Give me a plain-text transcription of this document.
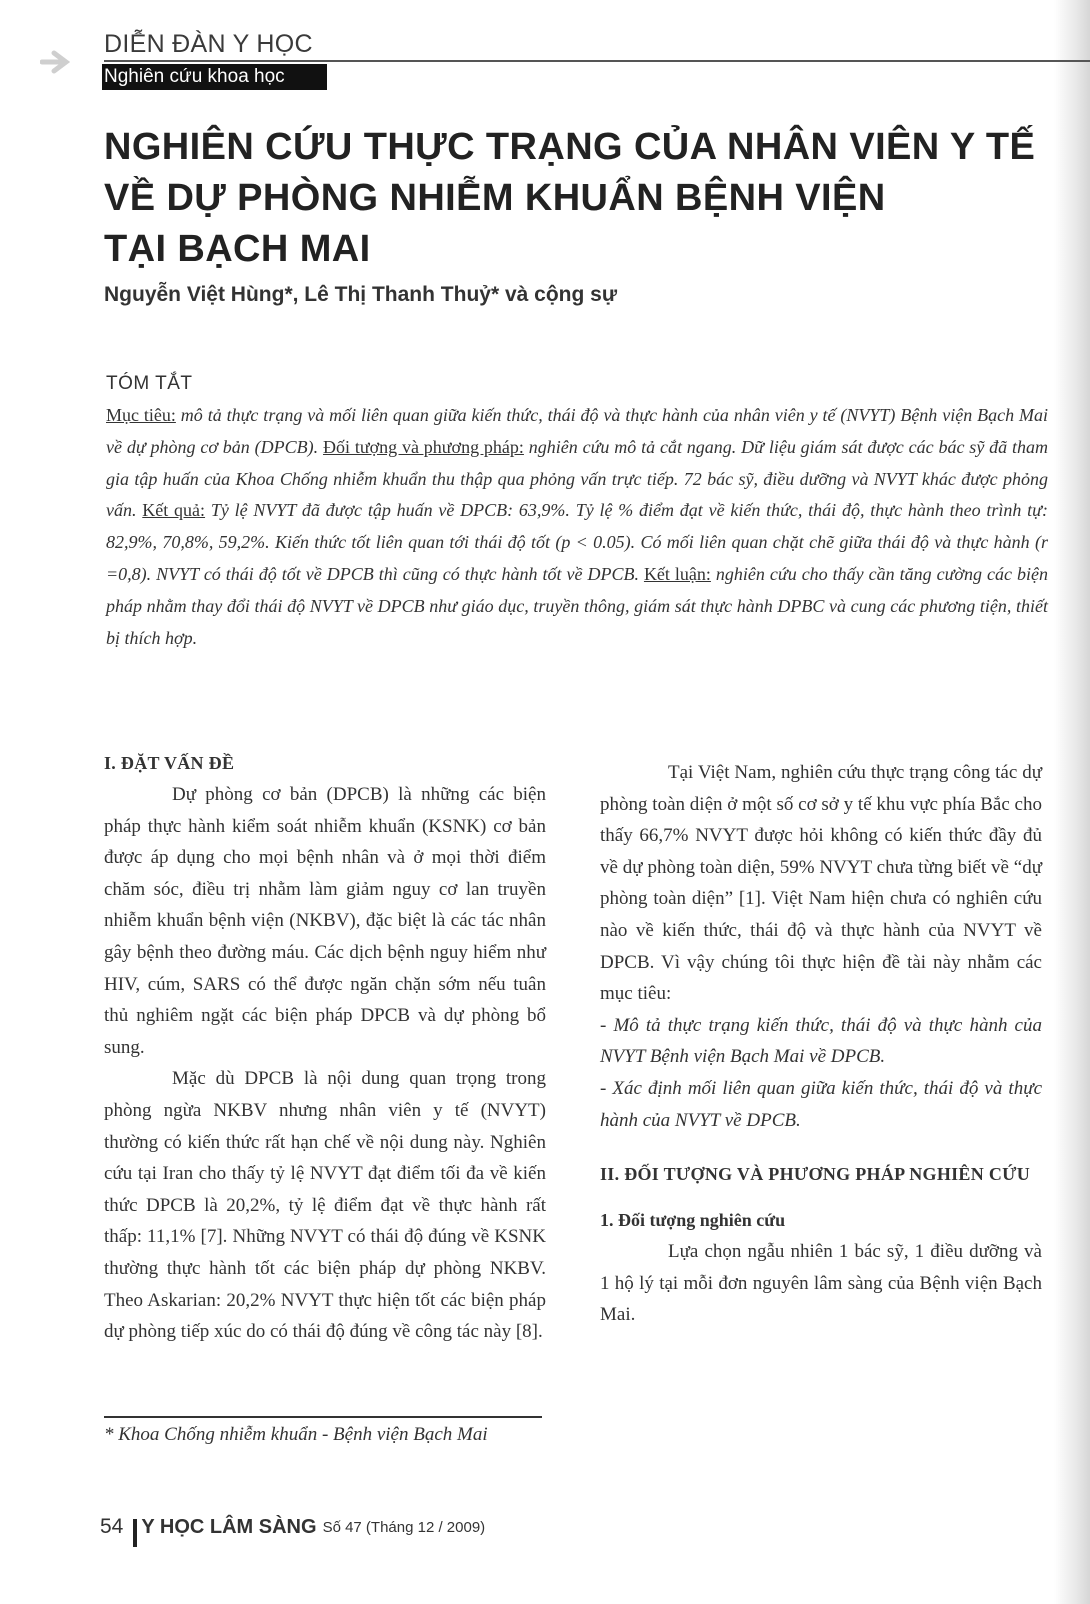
DIỄN ĐÀN Y HỌC
Nghiên cứu khoa học
NGHIÊN CỨU THỰC TRẠNG CỦA NHÂN VIÊN Y TẾ
VỀ DỰ PHÒNG NHIỄM KHUẨN BỆNH VIỆN
TẠI BẠCH MAI
Nguyễn Việt Hùng*, Lê Thị Thanh Thuỷ* và cộng sự
TÓM TẮT

Mục tiêu: mô tả thực trạng và mối liên quan giữa kiến thức, thái độ và thực hành của nhân viên y tế (NVYT) Bệnh viện Bạch Mai về dự phòng cơ bản (DPCB). Đối tượng và phương pháp: nghiên cứu mô tả cắt ngang. Dữ liệu giám sát được các bác sỹ đã tham gia tập huấn của Khoa Chống nhiễm khuẩn thu thập qua phỏng vấn trực tiếp. 72 bác sỹ, điều dưỡng và NVYT khác được phỏng vấn. Kết quả: Tỷ lệ NVYT đã được tập huấn về DPCB: 63,9%. Tỷ lệ % điểm đạt về kiến thức, thái độ, thực hành theo trình tự: 82,9%, 70,8%, 59,2%. Kiến thức tốt liên quan tới thái độ tốt (p < 0.05). Có mối liên quan chặt chẽ giữa thái độ và thực hành (r =0,8). NVYT có thái độ tốt về DPCB thì cũng có thực hành tốt về DPCB. Kết luận: nghiên cứu cho thấy cần tăng cường các biện pháp nhằm thay đổi thái độ NVYT về DPCB như giáo dục, truyền thông, giám sát thực hành DPBC và cung các phương tiện, thiết bị thích hợp.

I. ĐẶT VẤN ĐỀ

Dự phòng cơ bản (DPCB) là những các biện pháp thực hành kiểm soát nhiễm khuẩn (KSNK) cơ bản được áp dụng cho mọi bệnh nhân và ở mọi thời điểm chăm sóc, điều trị nhằm làm giảm nguy cơ lan truyền nhiễm khuẩn bệnh viện (NKBV), đặc biệt là các tác nhân gây bệnh theo đường máu. Các dịch bệnh nguy hiểm như HIV, cúm, SARS có thể được ngăn chặn sớm nếu tuân thủ nghiêm ngặt các biện pháp DPCB và dự phòng bổ sung.

Mặc dù DPCB là nội dung quan trọng trong phòng ngừa NKBV nhưng nhân viên y tế (NVYT) thường có kiến thức rất hạn chế về nội dung này. Nghiên cứu tại Iran cho thấy tỷ lệ NVYT đạt điểm tối đa về kiến thức DPCB là 20,2%, tỷ lệ điểm đạt về thực hành rất thấp: 11,1% [7]. Những NVYT có thái độ đúng về KSNK thường thực hành tốt các biện pháp dự phòng NKBV. Theo Askarian: 20,2% NVYT thực hiện tốt các biện pháp dự phòng tiếp xúc do có thái độ đúng về công tác này [8].

Tại Việt Nam, nghiên cứu thực trạng công tác dự phòng toàn diện ở một số cơ sở y tế khu vực phía Bắc cho thấy 66,7% NVYT được hỏi không có kiến thức đầy đủ về dự phòng toàn diện, 59% NVYT chưa từng biết về “dự phòng toàn diện” [1]. Việt Nam hiện chưa có nghiên cứu nào về kiến thức, thái độ và thực hành của NVYT về DPCB. Vì vậy chúng tôi thực hiện đề tài này nhằm các mục tiêu:

- Mô tả thực trạng kiến thức, thái độ và thực hành của NVYT Bệnh viện Bạch Mai về DPCB.

- Xác định mối liên quan giữa kiến thức, thái độ và thực hành của NVYT về DPCB.

II. ĐỐI TƯỢNG VÀ PHƯƠNG PHÁP NGHIÊN CỨU
1. Đối tượng nghiên cứu

Lựa chọn ngẫu nhiên 1 bác sỹ, 1 điều dưỡng và 1 hộ lý tại mỗi đơn nguyên lâm sàng của Bệnh viện Bạch Mai.

* Khoa Chống nhiễm khuẩn - Bệnh viện Bạch Mai
54 Y HỌC LÂM SÀNG Số 47 (Tháng 12 / 2009)
